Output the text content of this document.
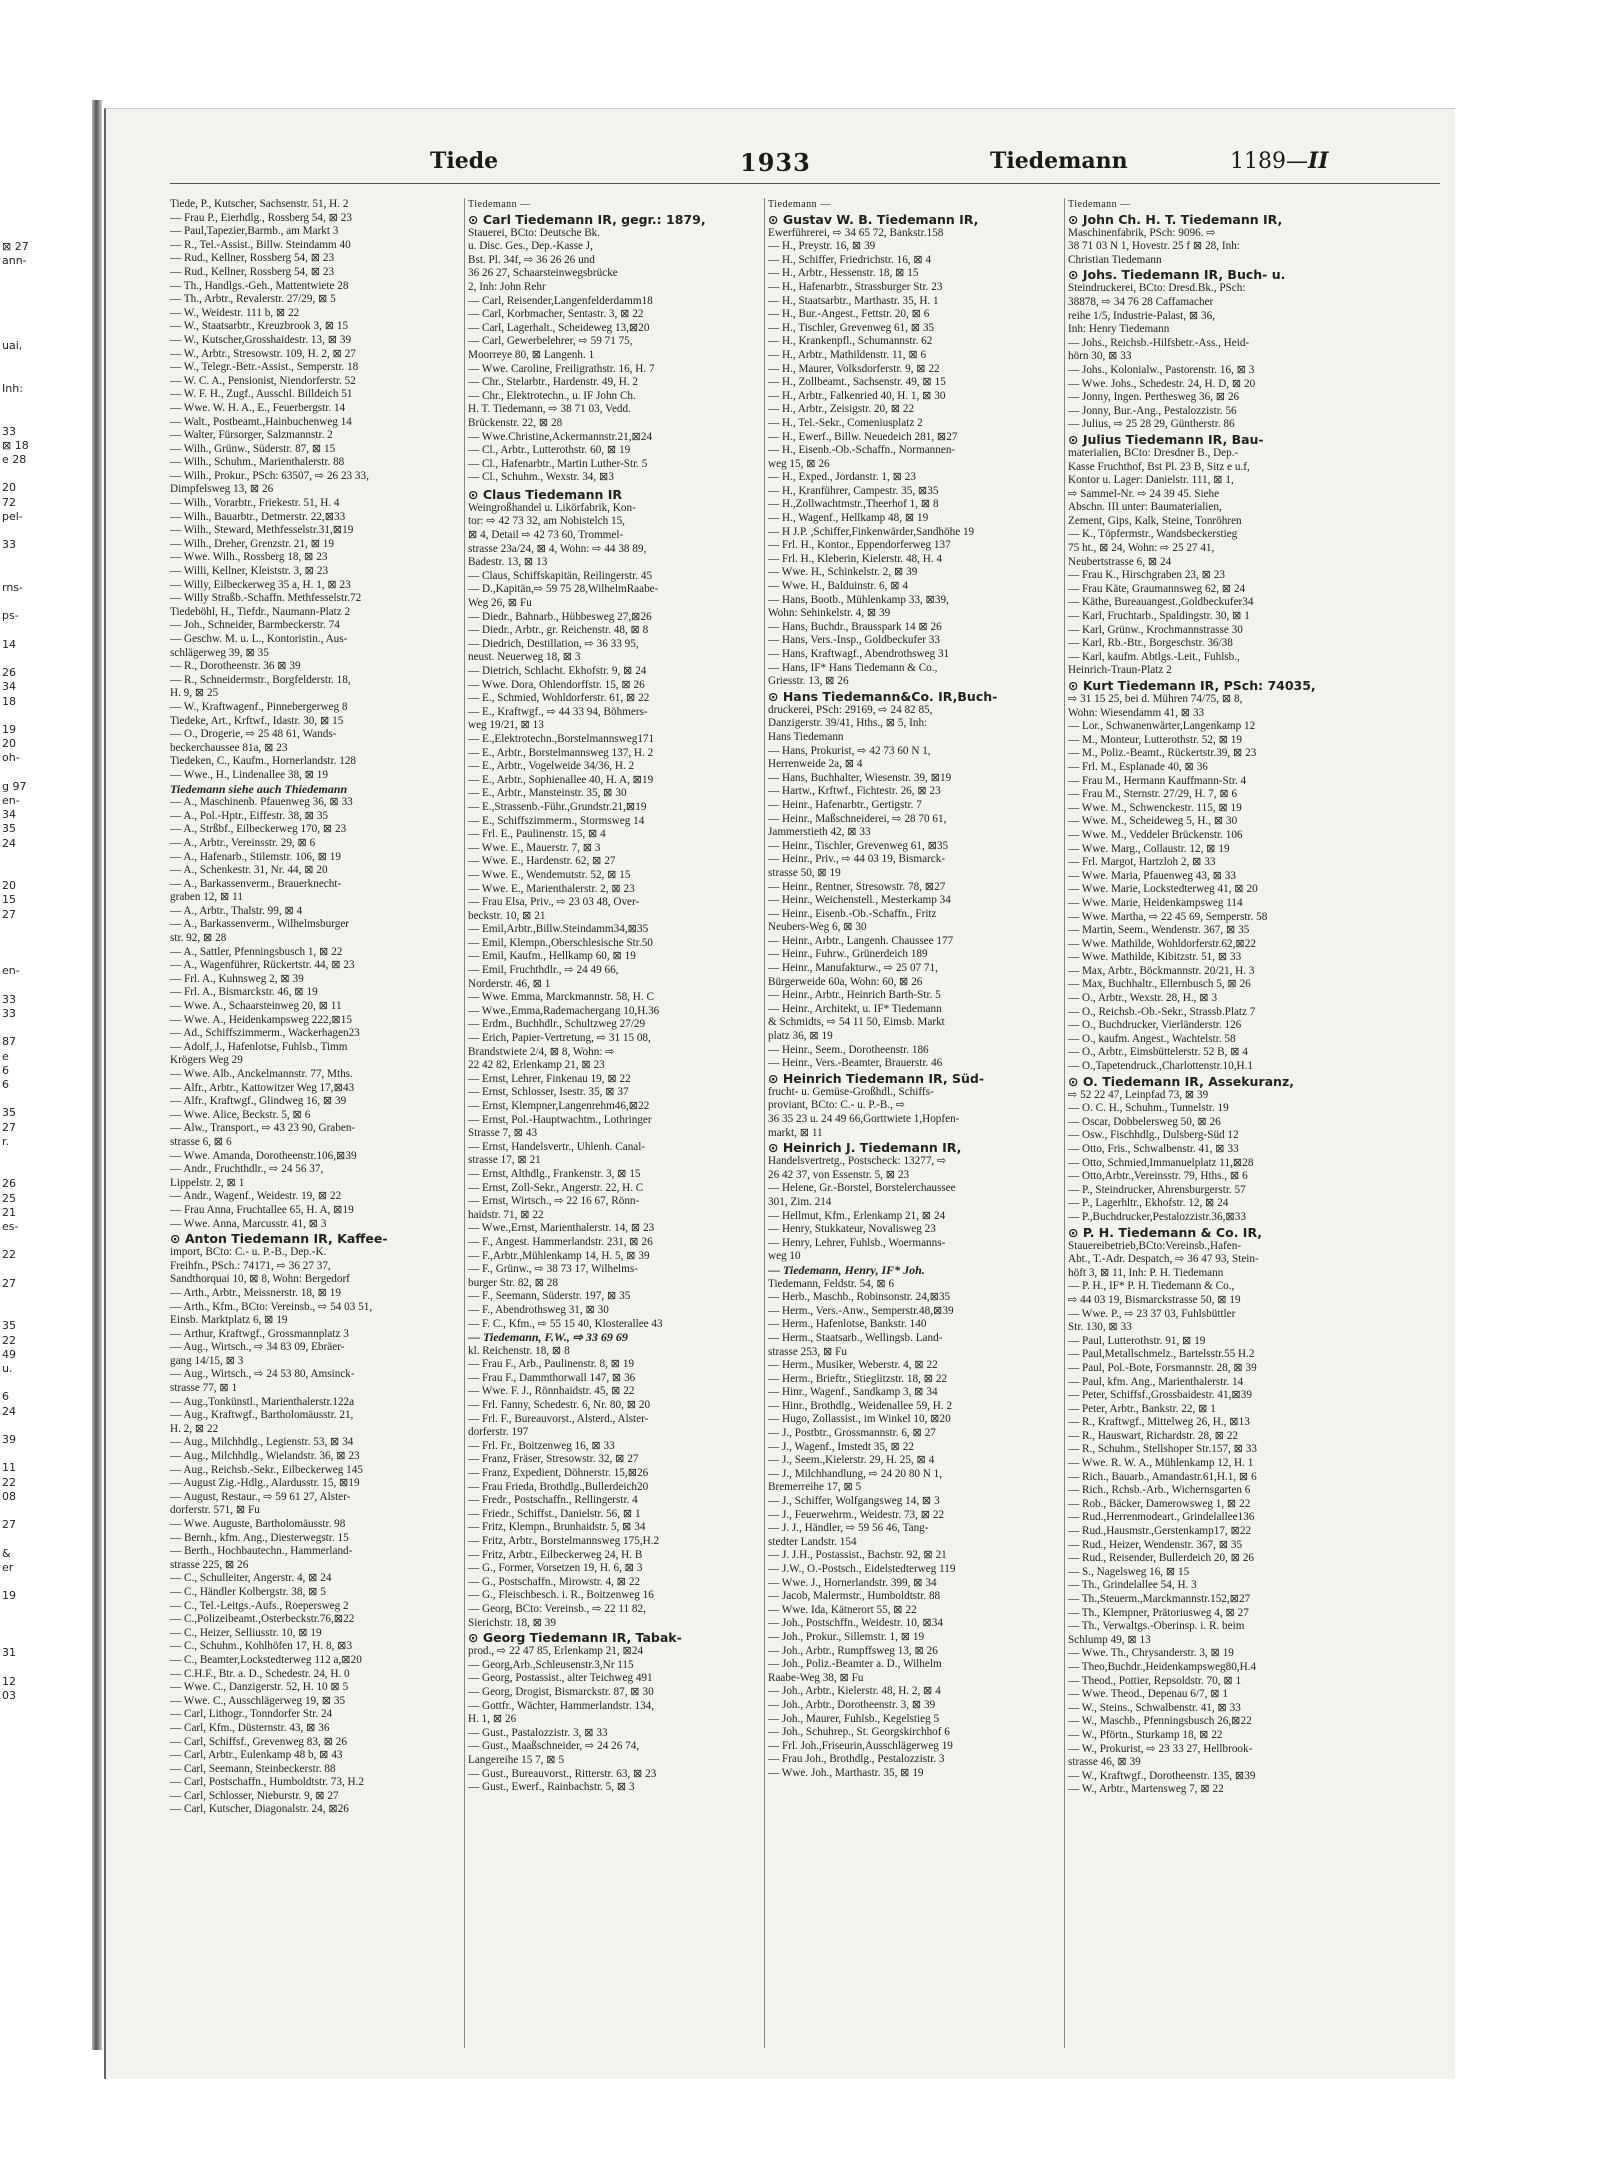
⊠ 27
ann-

uai,

Inh:

33
⊠ 18
e 28

20
72
pel-

33

rns-

ps-

14

26
34
18

19
20
oh-

g 97
en-
34
35
24

20
15
27

en-

33
33

87
e
6
6

35
27
r.

26
25
21
es-

22

27

35
22
49
u.

6
24

39

11
22
08

27

&
er

19

31

12
03
Tiede	1933	Tiedemann	1189—II
Tiede, P., Kutscher, Sachsenstr. 51, H. 2
— Frau P., Eierhdlg., Rossberg 54, ⊠ 23
— Paul,Tapezier,Barmb., am Markt 3
— R., Tel.-Assist., Billw. Steindamm 40
— Rud., Kellner, Rossberg 54, ⊠ 23
— Rud., Kellner, Rossberg 54, ⊠ 23
— Th., Handlgs.-Geh., Mattentwiete 28
— Th., Arbtr., Revalerstr. 27/29, ⊠ 5
— W., Weidestr. 111 b, ⊠ 22
— W., Staatsarbtr., Kreuzbrook 3, ⊠ 15
— W., Kutscher,Grosshaidestr. 13, ⊠ 39
— W., Arbtr., Stresowstr. 109, H. 2, ⊠ 27
— W., Telegr.-Betr.-Assist., Sempe​rstr. 18
— W. C. A., Pensionist, Niendorferstr. 52
— W. F. H., Zugf., Ausschl. Billdeich 51
— Wwe. W. H. A., E., Feuerbergstr. 14
— Walt., Postbeamt.,Hainbuchenweg 14
— Walter, Fürsorger, Salzmannstr. 2
— Wilh., Grünw., Süderstr. 87, ⊠ 15
— Wilh., Schuhm., Marienthalerstr. 88
— Wilh., Prokur., PSch: 63507, ⇨ 26 23 33,
Dimpfelsweg 13, ⊠ 26
— Wilh., Vorarbtr., Friekestr. 51, H. 4
— Wilh., Bauarbtr., Detmerstr. 22,⊠33
— Wilh., Steward, Methfesselstr.31,⊠19
— Wilh., Dreher, Grenzstr. 21, ⊠ 19
— Wwe. Wilh., Rossberg 18, ⊠ 23
— Willi, Kellner, Kleiststr. 3, ⊠ 23
— Willy, Eilbeckerweg 35 a, H. 1, ⊠ 23
— Willy Straßb.-Schaffn. Methfesselstr.72
Tiedeböhl, H., Tiefdr., Naumann-Platz 2
— Joh., Schneider, Barmbeckerstr. 74
— Geschw. M. u. L., Kontoristin., Aus-
schlägerweg 39, ⊠ 35
— R., Dorotheenstr. 36 ⊠ 39
— R., Schneidermstr., Borgfelderstr. 18,
H. 9, ⊠ 25
— W., Kraftwagenf., Pinnebergerweg 8
Tiedeke, Art., Krftwf., Idastr. 30, ⊠ 15
— O., Drogerie, ⇨ 25 48 61, Wands-
beckerchaussee 81a, ⊠ 23
Tiedeken, C., Kaufm., Hornerlandstr. 128
— Wwe., H., Lindenallee 38, ⊠ 19
Tiedemann siehe auch Thiedemann
— A., Maschinenb. Pfauenweg 36, ⊠ 33
— A., Pol.-Hptr., Eiffestr. 38, ⊠ 35
— A., Strßbf., Eilbeckerweg 170, ⊠ 23
— A., Arbtr., Vereinsstr. 29, ⊠ 6
— A., Hafenarb., Stilemstr. 106, ⊠ 19
— A., Schenkestr. 31, Nr. 44, ⊠ 20
— A., Barkassenverm., Brauerknecht-
graben 12, ⊠ 11
— A., Arbtr., Thalstr. 99, ⊠ 4
— A., Barkassenverm., Wilhelmsburger
str. 92, ⊠ 28
— A., Sattler, Pfenningsbusch 1, ⊠ 22
— A., Wagenführer, Rückertstr. 44, ⊠ 23
— Frl. A., Kuhnsweg 2, ⊠ 39
— Frl. A., Bismarckstr. 46, ⊠ 19
— Wwe. A., Schaarsteinweg 20, ⊠ 11
— Wwe. A., Heidenkampsweg 222,⊠15
— Ad., Schiffszimmerm., Wackerhagen23
— Adolf, J., Hafenlotse, Fuhlsb., Timm
Krögers Weg 29
— Wwe. Alb., Anckelmannstr. 77, Mths.
— Alfr., Arbtr., Kattowitzer Weg 17,⊠43
— Alfr., Kraftwgf., Glindweg 16, ⊠ 39
— Wwe. Alice, Beckstr. 5, ⊠ 6
— Alw., Transport., ⇨ 43 23 90, Graben-
strasse 6, ⊠ 6
— Wwe. Amanda, Dorotheenstr.106,⊠39
— Andr., Fruchthdlr., ⇨ 24 56 37,
Lippelstr. 2, ⊠ 1
— Andr., Wagenf., Weidestr. 19, ⊠ 22
— Frau Anna, Fruchtallee 65, H. A, ⊠19
— Wwe. Anna, Marcusstr. 41, ⊠ 3
⊙ Anton Tiedemann IR, Kaffee-
import, BCto: C.- u. P.-B., Dep.-K.
Freihfn., PSch.: 74171, ⇨ 36 27 37,
Sandthorquai 10, ⊠ 8, Wohn: Bergedorf
— Arth., Arbtr., Meissnerstr. 18, ⊠ 19
— Arth., Kfm., BCto: Vereinsb., ⇨ 54 03 51,
Einsb. Marktplatz 6, ⊠ 19
— Arthur, Kraftwgf., Grossmannplatz 3
— Aug., Wirtsch., ⇨ 34 83 09, Ebräer-
gang 14/15, ⊠ 3
— Aug., Wirtsch., ⇨ 24 53 80, Amsinck-
strasse 77, ⊠ 1
— Aug.,Tonkünstl., Marienthalerstr.122a
— Aug., Kraftwgf., Bartholomäusstr. 21,
H. 2, ⊠ 22
— Aug., Milchhdlg., Legienstr. 53, ⊠ 34
— Aug., Milchhdlg., Wielandstr. 36, ⊠ 23
— Aug., Reichsb.-Sekr., Eilbeckerweg 145
— August Zig.-Hdlg., Alardusstr. 15, ⊠19
— August, Restaur., ⇨ 59 61 27, Alster-
dorferstr. 571, ⊠ Fu
— Wwe. Auguste, Bartholomäusstr. 98
— Bernh., kfm. Ang., Diesterwegstr. 15
— Berth., Hochbautechn., Hammerland-
strasse 225, ⊠ 26
— C., Schulleiter, Angerstr. 4, ⊠ 24
— C., Händler Kolbergstr. 38, ⊠ 5
— C., Tel.-Leitgs.-Aufs., Roepersweg 2
— C.,Polizeibeamt.,Osterbeckstr.76,⊠22
— C., Heizer, Selliusstr. 10, ⊠ 19
— C., Schuhm., Kohlhöfen 17, H. 8, ⊠3
— C., Beamter,Lockstedterweg 112 a,⊠20
— C.H.F., Btr. a. D., Schedestr. 24, H. 0
— Wwe. C., Danzigerstr. 52, H. 10 ⊠ 5
— Wwe. C., Ausschlägerweg 19, ⊠ 35
— Carl, Lithogr., Tonndorfer Str. 24
— Carl, Kfm., Düsternstr. 43, ⊠ 36
— Carl, Schiffsf., Grevenweg 83, ⊠ 26
— Carl, Arbtr., Eulenkamp 48 b, ⊠ 43
— Carl, Seemann, Steinbeckerstr. 88
— Carl, Postschaffn., Humboldtstr. 73, H.2
— Carl, Schlosser, Nieburstr. 9, ⊠ 27
— Carl, Kutscher, Diagonalstr. 24, ⊠26
Tiedemann —
⊙ Carl Tiedemann IR, gegr.: 1879,
Stauerei, BCto: Deutsche Bk.
u. Disc. Ges., Dep.-Kasse J,
Bst. Pl. 34f, ⇨ 36 26 26 und
36 26 27, Schaarsteinwegsbrücke
2, Inh: John Rehr
— Carl, Reisender,Langenfelderdamm18
— Carl, Korbmacher, Sentastr. 3, ⊠ 22
— Carl, Lagerhalt., Scheideweg 13,⊠20
— Carl, Gewerbelehrer, ⇨ 59 71 75,
Moorreye 80, ⊠ Langenh. 1
— Wwe. Caroline, Freiligrathstr. 16, H. 7
— Chr., Stelarbtr., Hardenstr. 49, H. 2
— Chr., Elektrotechn., u. IF John Ch.
H. T. Tiedemann, ⇨ 38 71 03, Vedd.
Brückenstr. 22, ⊠ 28
— Wwe.Christine,Ackermannstr.21,⊠24
— Cl., Arbtr., Lutterothstr. 60, ⊠ 19
— Cl., Hafenarbtr., Martin Luther-Str. 5
— Cl., Schuhm., Wexstr. 34, ⊠3
⊙ Claus Tiedemann IR
Weingroßhandel u. Likörfabrik, Kon-
tor: ⇨ 42 73 32, am Nobistelch 15,
⊠ 4, Detail ⇨ 42 73 60, Trommel-
strasse 23a/24, ⊠ 4, Wohn: ⇨ 44 38 89,
Badestr. 13, ⊠ 13
— Claus, Schiffskapitän, Reilingerstr. 45
— D.,Kapitän,⇨ 59 75 28,WilhelmRaabe-
Weg 26, ⊠ Fu
— Diedr., Bahnarb., Hübbesweg 27,⊠26
— Diedr., Arbtr., gr. Reichenstr. 48, ⊠ 8
— Diedrich, Destillation, ⇨ 36 33 95,
neust. Neuerweg 18, ⊠ 3
— Dietrich, Schlacht. Ekhofstr. 9, ⊠ 24
— Wwe. Dora, Ohlendorffstr. 15, ⊠ 26
— E., Schmied, Wohldorferstr. 61, ⊠ 22
— E., Kraftwgf., ⇨ 44 33 94, Böhmers-
weg 19/21, ⊠ 13
— E.,Elektrotechn.,Borstelmannsweg171
— E., Arbtr., Borstelmannsweg 137, H. 2
— E., Arbtr., Vogelweide 34/36, H. 2
— E., Arbtr., Sophienallee 40, H. A, ⊠19
— E., Arbtr., Mansteinstr. 35, ⊠ 30
— E.,Strassenb.-Führ.,Grundstr.21,⊠19
— E., Schiffszimmerm., Stormsweg 14
— Frl. E., Paulinenstr. 15, ⊠ 4
— Wwe. E., Mauerstr. 7, ⊠ 3
— Wwe. E., Hardenstr. 62, ⊠ 27
— Wwe. E., Wendemutstr. 52, ⊠ 15
— Wwe. E., Marienthalerstr. 2, ⊠ 23
— Frau Elsa, Priv., ⇨ 23 03 48, Over-
beckstr. 10, ⊠ 21
— Emil,Arbtr.,Billw.Steindamm34,⊠35
— Emil, Klempn.,Oberschlesische Str.50
— Emil, Kaufm., Hellkamp 60, ⊠ 19
— Emil, Fruchthdlr., ⇨ 24 49 66,
Norderstr. 46, ⊠ 1
— Wwe. Emma, Marckmannstr. 58, H. C
— Wwe.,Emma,Rademachergang 10,H.36
— Erdm., Buchhdlr., Schultzweg 27/29
— Erich, Papier-Vertretung, ⇨ 31 15 08,
Brandstwiete 2/4, ⊠ 8, Wohn: ⇨
22 42 82, Erlenkamp 21, ⊠ 23
— Ernst, Lehrer, Finkenau 19, ⊠ 22
— Ernst, Schlosser, Isestr. 35, ⊠ 37
— Ernst, Klempner,Langenrehm46,⊠22
— Ernst, Pol.-Hauptwachtm., Lothringer
Strasse 7, ⊠ 43
— Ernst, Handelsvertr., Uhlenh. Canal-
strasse 17, ⊠ 21
— Ernst, Althdlg., Frankenstr. 3, ⊠ 15
— Ernst, Zoll-Sekr., Angerstr. 22, H. C
— Ernst, Wirtsch., ⇨ 22 16 67, Rönn-
haidstr. 71, ⊠ 22
— Wwe.,Ernst, Marienthalerstr. 14, ⊠ 23
— F., Angest. Hammerlandstr. 231, ⊠ 26
— F.,Arbtr.,Mühlenkamp 14, H. 5, ⊠ 39
— F., Grünw., ⇨ 38 73 17, Wilhelms-
burger Str. 82, ⊠ 28
— F., Seemann, Süderstr. 197, ⊠ 35
— F., Abendrothsweg 31, ⊠ 30
— F. C., Kfm., ⇨ 55 15 40, Klosterallee 43
— Tiedemann, F.W., ⇨ 33 69 69
kl. Reichenstr. 18, ⊠ 8
— Frau F., Arb., Paulinenstr. 8, ⊠ 19
— Frau F., Dammthorwall 147, ⊠ 36
— Wwe. F. J., Rönnhaidstr. 45, ⊠ 22
— Frl. Fanny, Schedestr. 6, Nr. 80, ⊠ 20
— Frl. F., Bureauvorst., Alsterd., Alster-
dorferstr. 197
— Frl. Fr., Boitzenweg 16, ⊠ 33
— Franz, Fräser, Stresowstr. 32, ⊠ 27
— Franz, Expedient, Döhnerstr. 15,⊠26
— Frau Frieda, Brothdlg.,Bullerdeich20
— Fredr., Postschaffn., Rellingerstr. 4
— Friedr., Schiffst., Danielstr. 56, ⊠ 1
— Fritz, Klempn., Brunhaidstr. 5, ⊠ 34
— Fritz, Arbtr., Borstelmannsweg 175,H.2
— Fritz, Arbtr., Eilbeckerweg 24, H. B
— G., Former, Vorsetzen 19, H. 6, ⊠ 3
— G., Postschaffn., Mirowstr. 4, ⊠ 22
— G., Fleischbesch. i. R., Boitzenweg 16
— Georg, BCto: Vereinsb., ⇨ 22 11 82,
Sierichstr. 18, ⊠ 39
⊙ Georg Tiedemann IR, Tabak-
prod., ⇨ 22 47 85, Erlenkamp 21, ⊠24
— Georg,Arb.,Schleusenstr.3,Nr 115
— Georg, Postassist., alter Teichweg 491
— Georg, Drogist, Bismarckstr. 87, ⊠ 30
— Gottfr., Wächter, Hammerlandstr. 134,
H. 1, ⊠ 26
— Gust., Pastalozzistr. 3, ⊠ 33
— Gust., Maaßschneider, ⇨ 24 26 74,
Langereihe 15 7, ⊠ 5
— Gust., Bureauvorst., Ritterstr. 63, ⊠ 23
— Gust., Ewerf., Rainbachstr. 5, ⊠ 3
Tiedemann —
⊙ Gustav W. B. Tiedemann IR,
Ewerführerei, ⇨ 34 65 72, Bankstr.158
— H., Preystr. 16, ⊠ 39
— H., Schiffer, Friedrichstr. 16, ⊠ 4
— H., Arbtr., Hessenstr. 18, ⊠ 15
— H., Hafenarbtr., Strassburger Str. 23
— H., Staatsarbtr., Marthastr. 35, H. 1
— H., Bur.-Angest., Fettstr. 20, ⊠ 6
— H., Tischler, Grevenweg 61, ⊠ 35
— H., Krankenpfl., Schumannstr. 62
— H., Arbtr., Mathildenstr. 11, ⊠ 6
— H., Maurer, Volksdorferstr. 9, ⊠ 22
— H., Zollbeamt., Sachsenstr. 49, ⊠ 15
— H., Arbtr., Falkenried 40, H. 1, ⊠ 30
— H., Arbtr., Zeisigstr. 20, ⊠ 22
— H., Tel.-Sekr., Comeniusplatz 2
— H., Ewerf., Billw. Neuedeich 281, ⊠27
— H., Eisenb.-Ob.-Schaffn., Normannen-
weg 15, ⊠ 26
— H., Exped., Jordanstr. 1, ⊠ 23
— H., Kranführer, Campestr. 35, ⊠35
— H.,Zollwachtmstr.,Theerhof 1, ⊠ 8
— H., Wagenf., Hellkamp 48, ⊠ 19
— H J.P. ,Schiffer,Finkenwärder,Sandhöhe 19
— Frl. H., Kontor., Eppendorferweg 137
— Frl. H., Kleberin, Kielerstr. 48, H. 4
— Wwe. H., Schinkelstr. 2, ⊠ 39
— Wwe. H., Balduinstr. 6, ⊠ 4
— Hans, Bootb., Mühlenkamp 33, ⊠39,
Wohn: Sehinkelstr. 4, ⊠ 39
— Hans, Buchdr., Brausspark 14 ⊠ 26
— Hans, Vers.-Insp., Goldbeckufer 33
— Hans, Kraftwagf., Abendrothsweg 31
— Hans, IF* Hans Tiedemann & Co.,
Griesstr. 13, ⊠ 26
⊙ Hans Tiedemann&Co. IR,Buch-
druckerei, PSch: 29169, ⇨ 24 82 85,
Danzigerstr. 39/41, Hths., ⊠ 5, Inh:
Hans Tiedemann
— Hans, Prokurist, ⇨ 42 73 60 N 1,
Herrenweide 2a, ⊠ 4
— Hans, Buchhalter, Wiesenstr. 39, ⊠19
— Hartw., Krftwf., Fichtestr. 26, ⊠ 23
— Heinr., Hafenarbtr., Gertigstr. 7
— Heinr., Maßschneiderei, ⇨ 28 70 61,
Jammerstieth 42, ⊠ 33
— Heinr., Tischler, Grevenweg 61, ⊠35
— Heinr., Priv., ⇨ 44 03 19, Bismarck-
strasse 50, ⊠ 19
— Heinr., Rentner, Stresowstr. 78, ⊠27
— Heinr., Weichenstell., Mesterkamp 34
— Heinr., Eisenb.-Ob.-Schaffn., Fritz
Neubers-Weg 6, ⊠ 30
— Heinr., Arbtr., Langenh. Chaussee 177
— Heinr., Fuhrw., Grünerdeich 189
— Heinr., Manufakturw., ⇨ 25 07 71,
Bürgerweide 60a, Wohn: 60, ⊠ 26
— Heinr., Arbtr., Heinrich Barth-Str. 5
— Heinr., Architekt, u. IF* Tiedemann
& Schmidts, ⇨ 54 11 50, Eimsb. Markt
platz 36, ⊠ 19
— Heinr., Seem., Dorotheenstr. 186
— Heinr., Vers.-Beamter, Brauerstr. 46
⊙ Heinrich Tiedemann IR, Süd-
frucht- u. Gemüse-Großhdl., Schiffs-
proviant, BCto: C.- u. P.-B., ⇨
36 35 23 u. 24 49 66,Gorttwiete 1,Hopfen-
markt, ⊠ 11
⊙ Heinrich J. Tiedemann IR,
Handelsvertretg., Postscheck: 13277, ⇨
26 42 37, von Essenstr. 5, ⊠ 23
— Helene, Gr.-Borstel, Borstelerchaussee
301, Zim. 214
— Hellmut, Kfm., Erlenkamp 21, ⊠ 24
— Henry, Stukkateur, Novalisweg 23
— Henry, Lehrer, Fuhlsb., Woermanns-
weg 10
— Tiedemann, Henry, IF* Joh.
Tiedemann, Feldstr. 54, ⊠ 6
— Herb., Maschb., Robinsonstr. 24,⊠35
— Herm., Vers.-Anw., Semperstr.48,⊠39
— Herm., Hafenlotse, Bankstr. 140
— Herm., Staatsarb., Wellingsb. Land-
strasse 253, ⊠ Fu
— Herm., Musiker, Weberstr. 4, ⊠ 22
— Herm., Brieftr., Stieglitzstr. 18, ⊠ 22
— Hinr., Wagenf., Sandkamp 3, ⊠ 34
— Hinr., Brothdlg., Weidenallee 59, H. 2
— Hugo, Zollassist., im Winkel 10, ⊠20
— J., Postbtr., Grossmannstr. 6, ⊠ 27
— J., Wagenf., Imstedt 35, ⊠ 22
— J., Seem.,Kielerstr. 29, H. 25, ⊠ 4
— J., Milchhandlung, ⇨ 24 20 80 N 1,
Bremerreihe 17, ⊠ 5
— J., Schiffer, Wolfgangsweg 14, ⊠ 3
— J., Feuerwehrm., Weidestr. 73, ⊠ 22
— J. J., Händler, ⇨ 59 56 46, Tang-
stedter Landstr. 154
— J. J.H., Postassist., Bachstr. 92, ⊠ 21
— J.W., O.-Postsch., Eidelstedterweg 119
— Wwe. J., Hornerlandstr. 399, ⊠ 34
— Jacob, Malermstr., Humboldtstr. 88
— Wwe. Ida, Kätnerort 55, ⊠ 22
— Joh., Postschffn., Weidestr. 10, ⊠34
— Joh., Prokur., Sillemstr. 1, ⊠ 19
— Joh., Arbtr., Rumpffsweg 13, ⊠ 26
— Joh., Poliz.-Beamter a. D., Wilhelm
Raabe-Weg 38, ⊠ Fu
— Joh., Arbtr., Kielerstr. 48, H. 2, ⊠ 4
— Joh., Arbtr., Dorotheenstr. 3, ⊠ 39
— Joh., Maurer, Fuhlsb., Kegelstieg 5
— Joh., Schuhrep., St. Georgskirchhof 6
— Frl. Joh.,Friseurin,Ausschlägerweg 19
— Frau Joh., Brothdlg., Pestalozzistr. 3
— Wwe. Joh., Marthastr. 35, ⊠ 19
Tiedemann —
⊙ John Ch. H. T. Tiedemann IR,
Maschinenfabrik, PSch: 9096. ⇨
38 71 03 N 1, Hovestr. 25 f ⊠ 28, Inh:
Christian Tiedemann
⊙ Johs. Tiedemann IR, Buch- u.
Steindruckerei, BCto: Dresd.Bk., PSch:
38878, ⇨ 34 76 28 Caffamacher
reihe 1/5, Industrie-Palast, ⊠ 36,
Inh: Henry Tiedemann
— Johs., Reichsb.-Hilfsbetr.-Ass., Heid-
hörn 30, ⊠ 33
— Johs., Kolonialw., Pastorenstr. 16, ⊠ 3
— Wwe. Johs., Schedestr. 24, H. D, ⊠ 20
— Jonny, Ingen. Perthesweg 36, ⊠ 26
— Jonny, Bur.-Ang., Pestalozzistr. 56
— Julius, ⇨ 25 28 29, Güntherstr. 86
⊙ Julius Tiedemann IR, Bau-
materialien, BCto: Dresdner B., Dep.-
Kasse Fruchthof, Bst Pl. 23 B, Sitz e u.f,
Kontor u. Lager: Danielstr. 111, ⊠ 1,
⇨ Sammel-Nr. ⇨ 24 39 45. Siehe
Abschn. III unter: Baumaterialien,
Zement, Gips, Kalk, Steine, Tonröhren
— K., Töpfermstr., Wandsbeckerstieg
75 ht., ⊠ 24, Wohn: ⇨ 25 27 41,
Neubertstrasse 6, ⊠ 24
— Frau K., Hirschgraben 23, ⊠ 23
— Frau Käte, Graumannsweg 62, ⊠ 24
— Käthe, Bureauangest.,Goldbeckufer34
— Karl, Fruchtarb., Spaldingstr. 30, ⊠ 1
— Karl, Grünw., Krochmannstrasse 30
— Karl, Rb.-Btr., Borgeschstr. 36/38
— Karl, kaufm. Abtlgs.-Leit., Fuhlsb.,
Heinrich-Traun-Platz 2
⊙ Kurt Tiedemann IR, PSch: 74035,
⇨ 31 15 25, bei d. Mühren 74/75, ⊠ 8,
Wohn: Wiesendamm 41, ⊠ 33
— Lor., Schwanenwärter,Langenkamp 12
— M., Monteur, Lutterothstr. 52, ⊠ 19
— M., Poliz.-Beamt., Rückertstr.39, ⊠ 23
— Frl. M., Esplanade 40, ⊠ 36
— Frau M., Hermann Kauffmann-Str. 4
— Frau M., Sternstr. 27/29, H. 7, ⊠ 6
— Wwe. M., Schwenckestr. 115, ⊠ 19
— Wwe. M., Scheideweg 5, H., ⊠ 30
— Wwe. M., Veddeler Brückenstr. 106
— Wwe. Marg., Collaustr. 12, ⊠ 19
— Frl. Margot, Hartzloh 2, ⊠ 33
— Wwe. Maria, Pfauenweg 43, ⊠ 33
— Wwe. Marie, Lockstedterweg 41, ⊠ 20
— Wwe. Marie, Heidenkampsweg 114
— Wwe. Martha, ⇨ 22 45 69, Semperstr. 58
— Martin, Seem., Wendenstr. 367, ⊠ 35
— Wwe. Mathilde, Wohldorferstr.62,⊠22
— Wwe. Mathilde, Kibitzstr. 51, ⊠ 33
— Max, Arbtr., Böckmannstr. 20/21, H. 3
— Max, Buchhaltr., Ellernbusch 5, ⊠ 26
— O., Arbtr., Wexstr. 28, H., ⊠ 3
— O., Reichsb.-Ob.-Sekr., Strassb.Platz 7
— O., Buchdrucker, Vierländerstr. 126
— O., kaufm. Angest., Wachtelstr. 58
— O., Arbtr., Eimsbüttelerstr. 52 B, ⊠ 4
— O.,Tapetendruck.,Charlottenstr.10,H.1
⊙ O. Tiedemann IR, Assekuranz,
⇨ 52 22 47, Leinpfad 73, ⊠ 39
— O. C. H., Schuhm., Tunnelstr. 19
— Oscar, Dobbelersweg 50, ⊠ 26
— Osw., Fischhdlg., Dulsberg-Süd 12
— Otto, Fris., Schwalbenstr. 41, ⊠ 33
— Otto, Schmied,Immanuelplatz 11,⊠28
— Otto,Arbtr.,Vereinsstr. 79, Hths., ⊠ 6
— P., Steindrucker, Ahrensburgerstr. 57
— P., Lagerhltr., Ekhofstr. 12, ⊠ 24
— P.,Buchdrucker,Pestalozzistr.36,⊠33
⊙ P. H. Tiedemann & Co. IR,
Stauereibetrieb,BCto:Vereinsb.,Hafen-
Abt., T.-Adr. Despatch, ⇨ 36 47 93, Stein-
höft 3, ⊠ 11, Inh: P. H. Tiedemann
— P. H., IF* P. H. Tiedemann & Co.,
⇨ 44 03 19, Bismarckstrasse 50, ⊠ 19
— Wwe. P., ⇨ 23 37 03, Fuhlsbüttler
Str. 130, ⊠ 33
— Paul, Lutterothstr. 91, ⊠ 19
— Paul,Metallschmelz., Bartelsstr.55 H.2
— Paul, Pol.-Bote, Forsmannstr. 28, ⊠ 39
— Paul, kfm. Ang., Marienthalerstr. 14
— Peter, Schiffsf.,Grossbaidestr. 41,⊠39
— Peter, Arbtr., Bankstr. 22, ⊠ 1
— R., Kraftwgf., Mittelweg 26, H., ⊠13
— R., Hauswart, Richardstr. 28, ⊠ 22
— R., Schuhm., Stellshoper Str.157, ⊠ 33
— Wwe. R. W. A., Mühlenkamp 12, H. 1
— Rich., Bauarb., Amandastr.61,H.1, ⊠ 6
— Rich., Rchsb.-Arb., Wichernsgarten 6
— Rob., Bäcker, Damerowsweg 1, ⊠ 22
— Rud.,Herrenmodeart., Grindelallee136
— Rud.,Hausmstr.,Gerstenkamp17, ⊠22
— Rud., Heizer, Wendenstr. 367, ⊠ 35
— Rud., Reisender, Bullerdeich 20, ⊠ 26
— S., Nagelsweg 16, ⊠ 15
— Th., Grindelallee 54, H. 3
— Th.,Steuerm.,Marckmannstr.152,⊠27
— Th., Klempner, Prätoriusweg 4, ⊠ 27
— Th., Verwaltgs.-Oberinsp. i. R. beim
Schlump 49, ⊠ 13
— Wwe. Th., Chrysanderstr. 3, ⊠ 19
— Theo,Buchdr.,Heidenkampsweg80,H.4
— Theod., Pottier, Repsoldstr. 70, ⊠ 1
— Wwe. Theod., Depenau 6/7, ⊠ 1
— W., Steins., Schwalbenstr. 41, ⊠ 33
— W., Maschb., Pfenningsbusch 26,⊠22
— W., Pförtn., Sturkamp 18, ⊠ 22
— W., Prokurist, ⇨ 23 33 27, Hellbrook-
strasse 46, ⊠ 39
— W., Kraftwgf., Dorotheenstr. 135, ⊠39
— W., Arbtr., Martensweg 7, ⊠ 22
